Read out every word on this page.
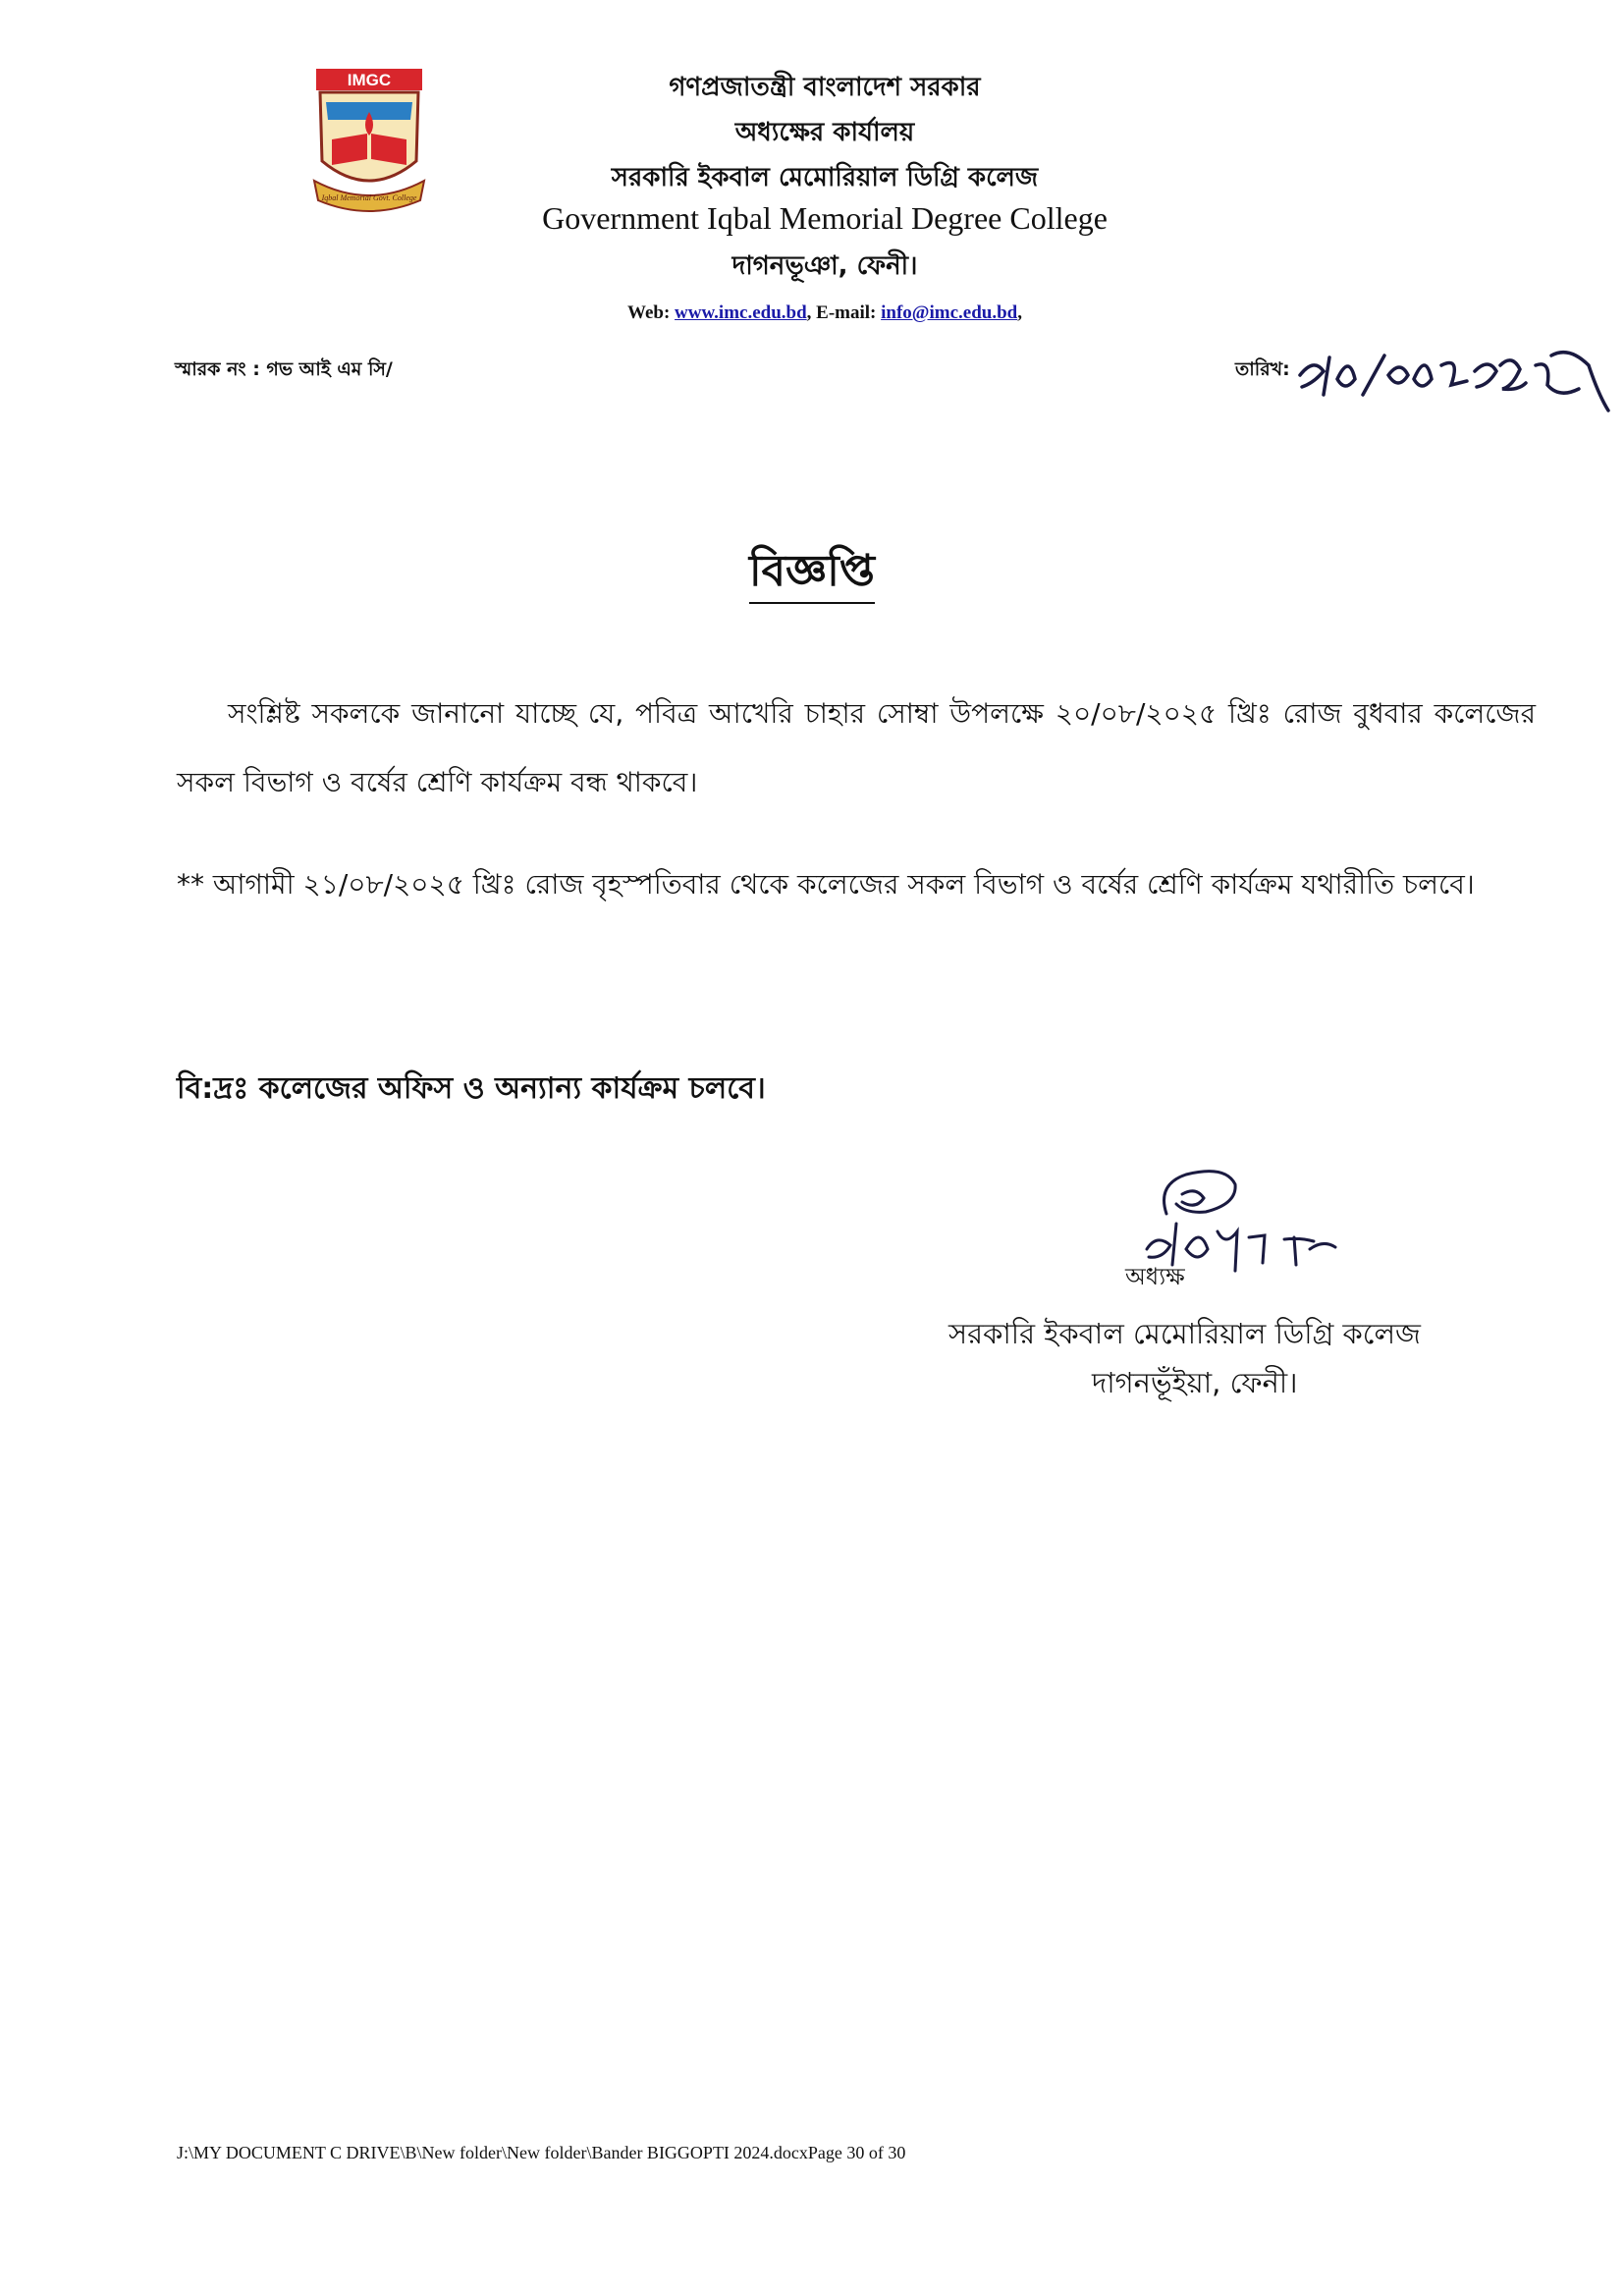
IMGC
Iqbal Memorial Govt. College
গণপ্রজাতন্ত্রী বাংলাদেশ সরকার
অধ্যক্ষের কার্যালয়
সরকারি ইকবাল মেমোরিয়াল ডিগ্রি কলেজ
Government Iqbal Memorial Degree College
দাগনভূঞা, ফেনী।
Web: www.imc.edu.bd, E-mail: info@imc.edu.bd,
স্মারক নং : গভ আই এম সি/	তারিখ:
বিজ্ঞপ্তি
সংশ্লিষ্ট সকলকে জানানো যাচ্ছে যে, পবিত্র আখেরি চাহার সোম্বা উপলক্ষে ২০/০৮/২০২৫ খ্রিঃ রোজ বুধবার কলেজের সকল বিভাগ ও বর্ষের শ্রেণি কার্যক্রম বন্ধ থাকবে।
** আগামী ২১/০৮/২০২৫ খ্রিঃ রোজ বৃহস্পতিবার থেকে কলেজের সকল বিভাগ ও বর্ষের শ্রেণি কার্যক্রম যথারীতি চলবে।
বি:দ্রঃ কলেজের অফিস ও অন্যান্য কার্যক্রম চলবে।
অধ্যক্ষ
সরকারি ইকবাল মেমোরিয়াল ডিগ্রি কলেজ
দাগনভূঁইয়া, ফেনী।
J:\MY DOCUMENT C DRIVE\B\New folder\New folder\Bander BIGGOPTI 2024.docxPage 30 of 30
